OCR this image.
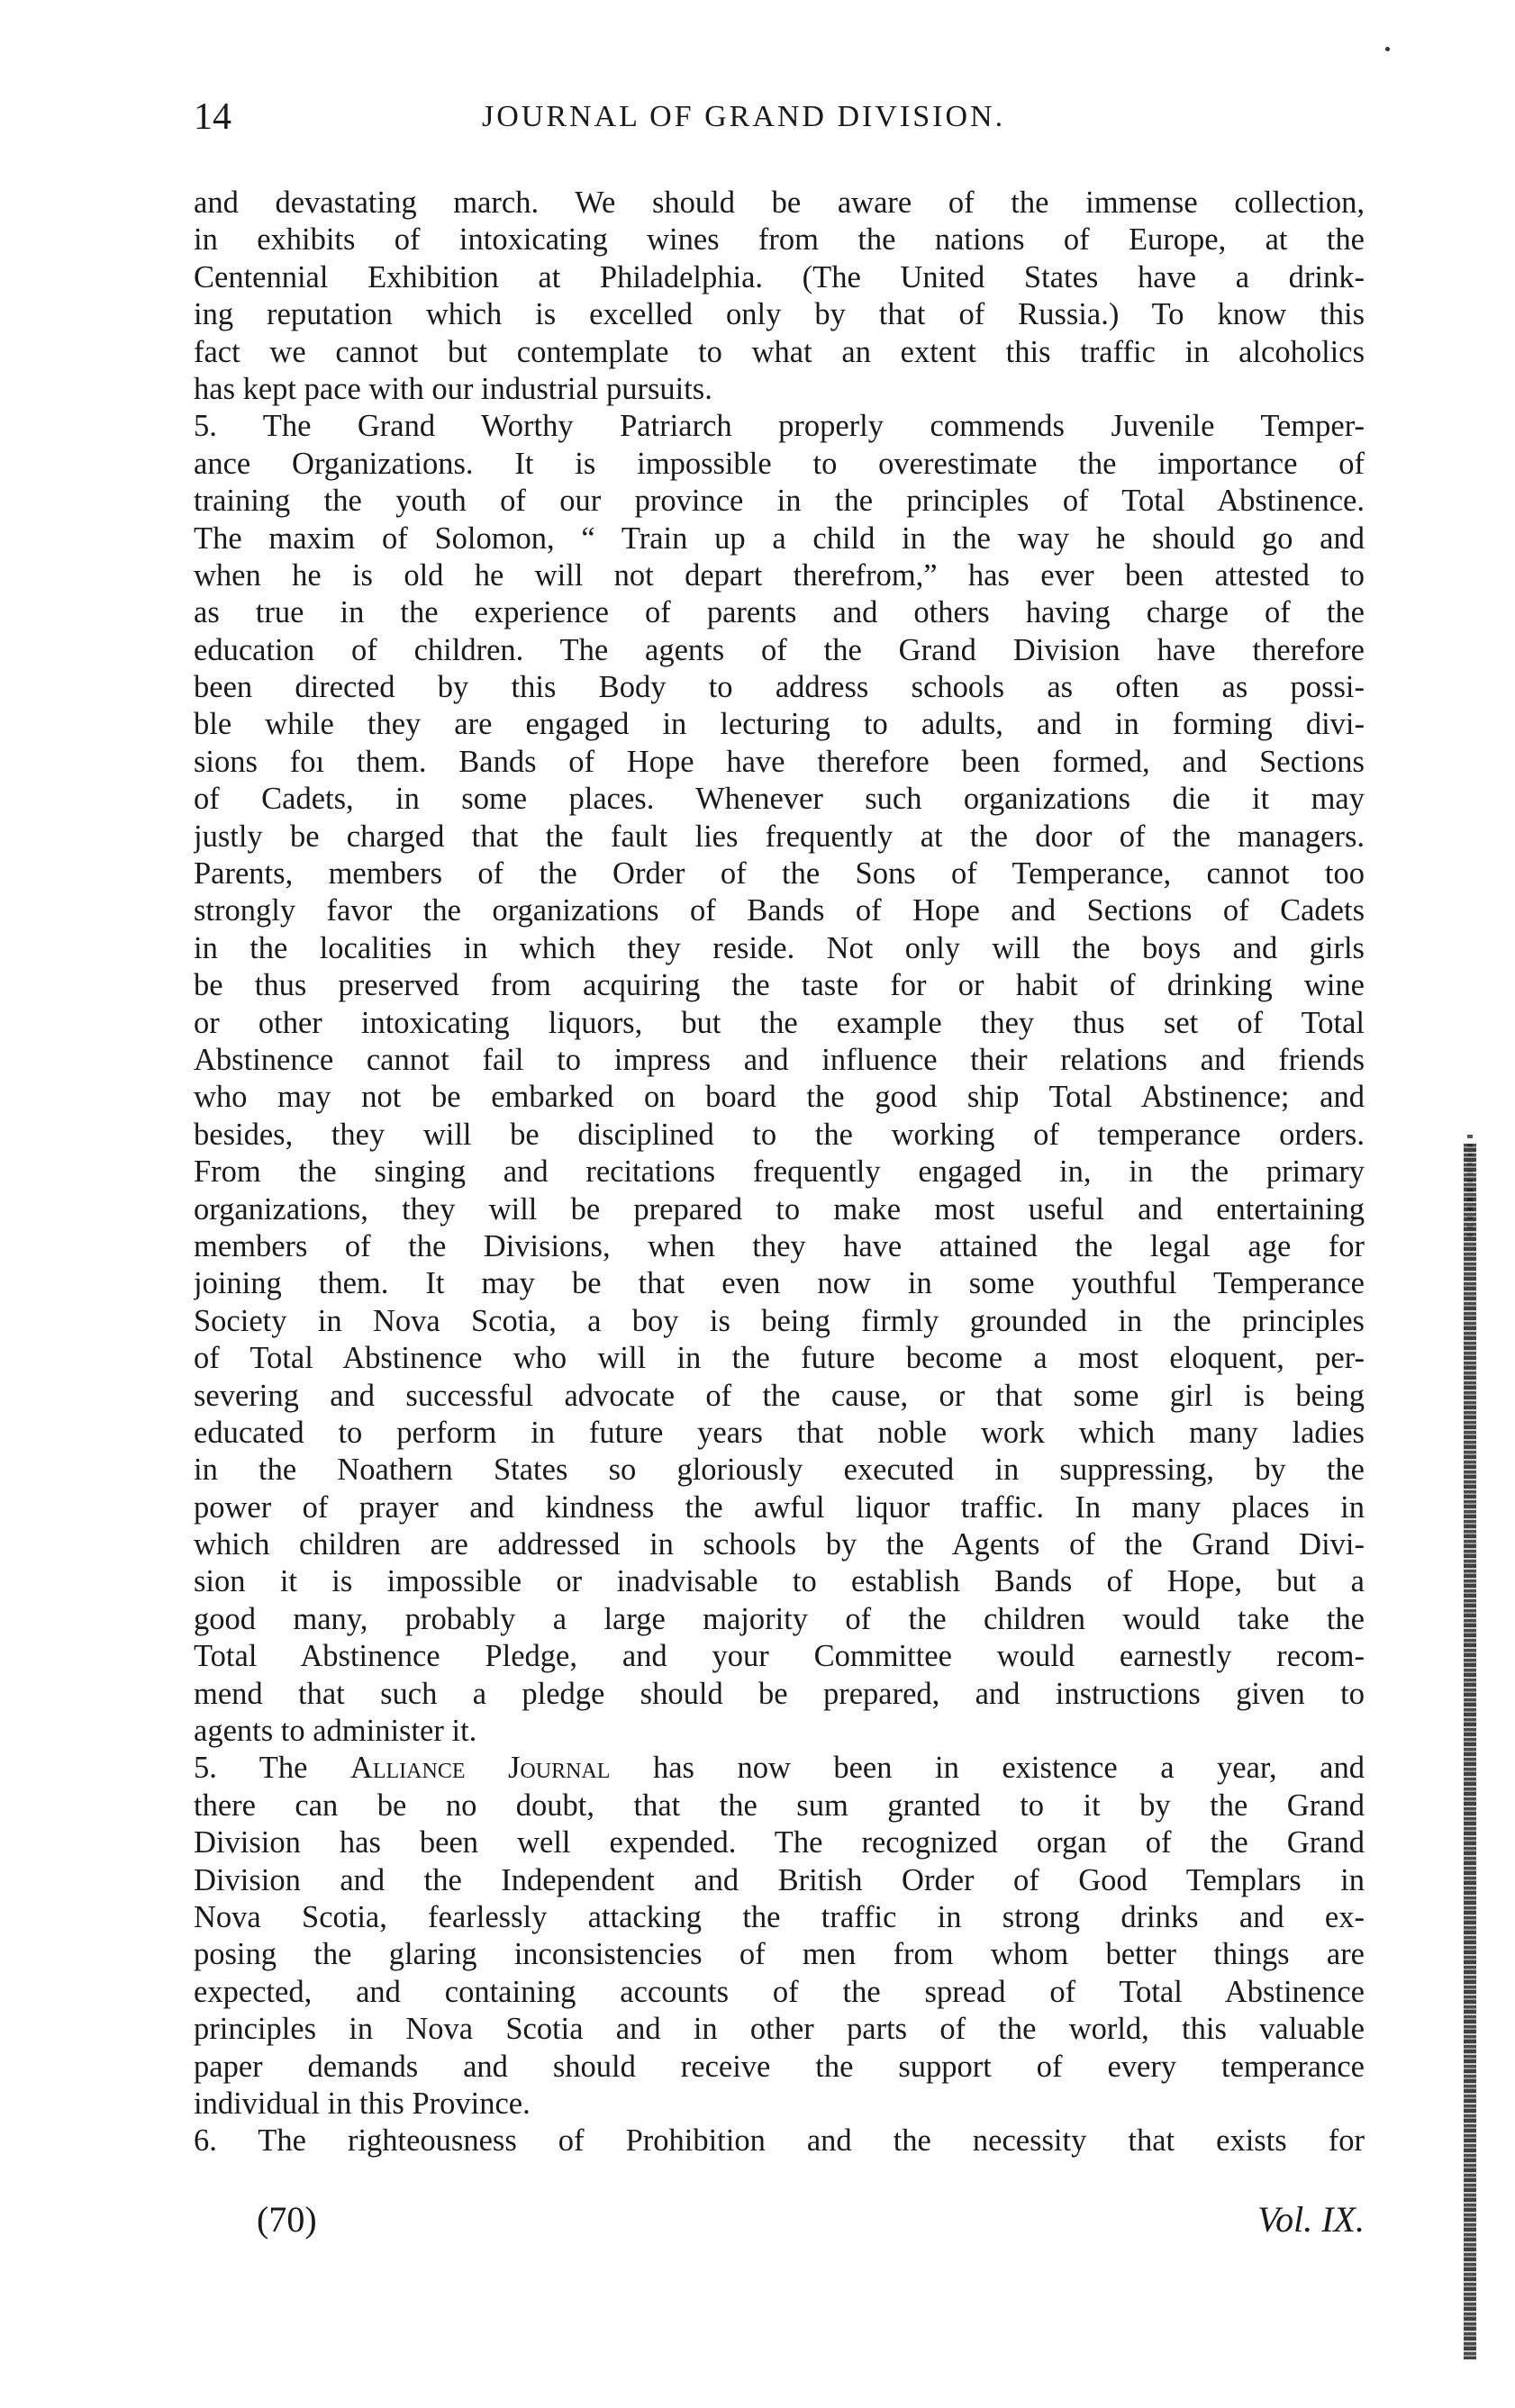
14	JOURNAL OF GRAND DIVISION.
and devastating march. We should be aware of the immense collection,
in exhibits of intoxicating wines from the nations of Europe, at the
Centennial Exhibition at Philadelphia. (The United States have a drink-
ing reputation which is excelled only by that of Russia.) To know this
fact we cannot but contemplate to what an extent this traffic in alcoholics
has kept pace with our industrial pursuits.
5. The Grand Worthy Patriarch properly commends Juvenile Temper-
ance Organizations. It is impossible to overestimate the importance of
training the youth of our province in the principles of Total Abstinence.
The maxim of Solomon, “ Train up a child in the way he should go and
when he is old he will not depart therefrom,” has ever been attested to
as true in the experience of parents and others having charge of the
education of children. The agents of the Grand Division have therefore
been directed by this Body to address schools as often as possi-
ble while they are engaged in lecturing to adults, and in forming divi-
sions foı them. Bands of Hope have therefore been formed, and Sections
of Cadets, in some places. Whenever such organizations die it may
justly be charged that the fault lies frequently at the door of the managers.
Parents, members of the Order of the Sons of Temperance, cannot too
strongly favor the organizations of Bands of Hope and Sections of Cadets
in the localities in which they reside. Not only will the boys and girls
be thus preserved from acquiring the taste for or habit of drinking wine
or other intoxicating liquors, but the example they thus set of Total
Abstinence cannot fail to impress and influence their relations and friends
who may not be embarked on board the good ship Total Abstinence; and
besides, they will be disciplined to the working of temperance orders.
From the singing and recitations frequently engaged in, in the primary
organizations, they will be prepared to make most useful and entertaining
members of the Divisions, when they have attained the legal age for
joining them. It may be that even now in some youthful Temperance
Society in Nova Scotia, a boy is being firmly grounded in the principles
of Total Abstinence who will in the future become a most eloquent, per-
severing and successful advocate of the cause, or that some girl is being
educated to perform in future years that noble work which many ladies
in the Noathern States so gloriously executed in suppressing, by the
power of prayer and kindness the awful liquor traffic. In many places in
which children are addressed in schools by the Agents of the Grand Divi-
sion it is impossible or inadvisable to establish Bands of Hope, but a
good many, probably a large majority of the children would take the
Total Abstinence Pledge, and your Committee would earnestly recom-
mend that such a pledge should be prepared, and instructions given to
agents to administer it.
5. The Alliance Journal has now been in existence a year, and
there can be no doubt, that the sum granted to it by the Grand
Division has been well expended. The recognized organ of the Grand
Division and the Independent and British Order of Good Templars in
Nova Scotia, fearlessly attacking the traffic in strong drinks and ex-
posing the glaring inconsistencies of men from whom better things are
expected, and containing accounts of the spread of Total Abstinence
principles in Nova Scotia and in other parts of the world, this valuable
paper demands and should receive the support of every temperance
individual in this Province.
6. The righteousness of Prohibition and the necessity that exists for
(70)	Vol. IX.
